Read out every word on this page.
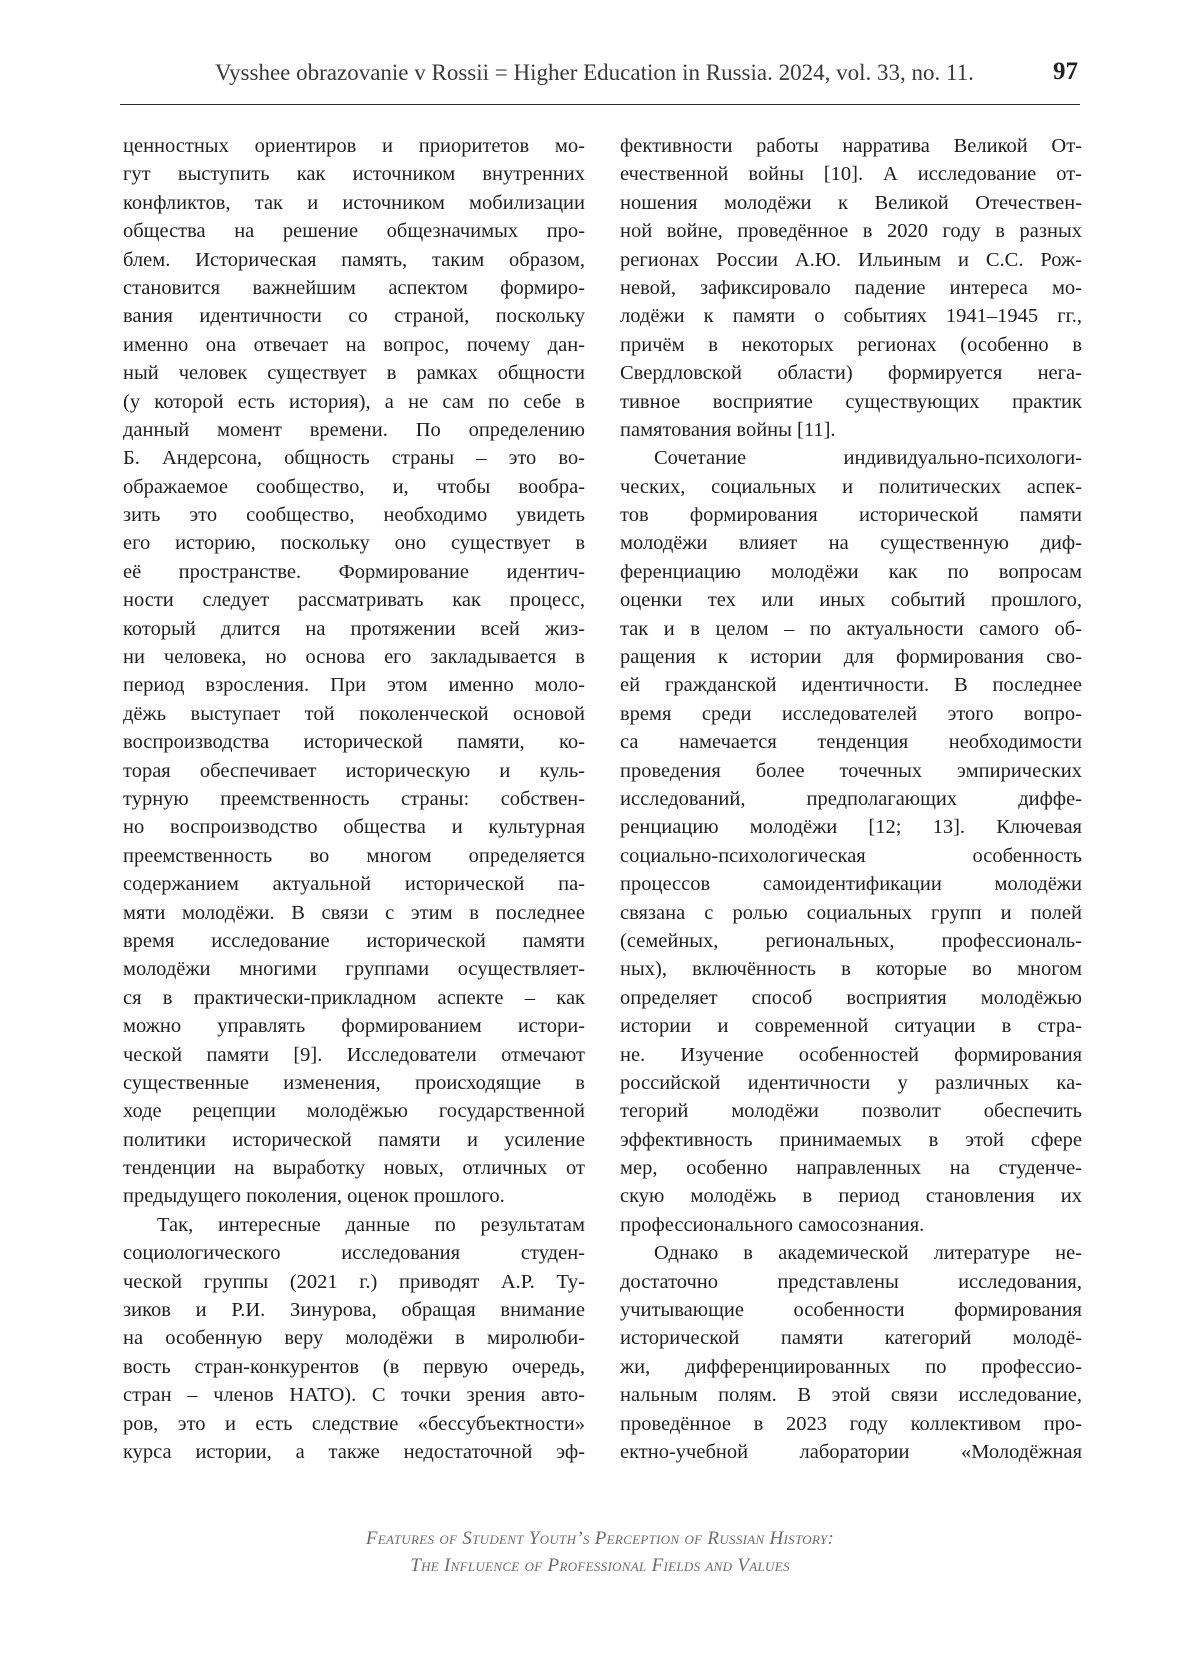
Vysshee obrazovanie v Rossii = Higher Education in Russia. 2024, vol. 33, no. 11.	97
ценностных ориентиров и приоритетов мо-
гут выступить как источником внутренних
конфликтов, так и источником мобилизации
общества на решение общезначимых про-
блем. Историческая память, таким образом,
становится важнейшим аспектом формиро-
вания идентичности со страной, поскольку
именно она отвечает на вопрос, почему дан-
ный человек существует в рамках общности
(у которой есть история), а не сам по себе в
данный момент времени. По определению
Б. Андерсона, общность страны – это во-
ображаемое сообщество, и, чтобы вообра-
зить это сообщество, необходимо увидеть
его историю, поскольку оно существует в
её пространстве. Формирование идентич-
ности следует рассматривать как процесс,
который длится на протяжении всей жиз-
ни человека, но основа его закладывается в
период взросления. При этом именно моло-
дёжь выступает той поколенческой основой
воспроизводства исторической памяти, ко-
торая обеспечивает историческую и куль-
турную преемственность страны: собствен-
но воспроизводство общества и культурная
преемственность во многом определяется
содержанием актуальной исторической па-
мяти молодёжи. В связи с этим в последнее
время исследование исторической памяти
молодёжи многими группами осуществляет-
ся в практически-прикладном аспекте – как
можно управлять формированием истори-
ческой памяти [9]. Исследователи отмечают
существенные изменения, происходящие в
ходе рецепции молодёжью государственной
политики исторической памяти и усиление
тенденции на выработку новых, отличных от
предыдущего поколения, оценок прошлого.
Так, интересные данные по результатам
социологического исследования студен-
ческой группы (2021 г.) приводят А.Р. Ту-
зиков и Р.И. Зинурова, обращая внимание
на особенную веру молодёжи в миролюби-
вость стран-конкурентов (в первую очередь,
стран – членов НАТО). С точки зрения авто-
ров, это и есть следствие «бессубъектности»
курса истории, а также недостаточной эф-
фективности работы нарратива Великой От-
ечественной войны [10]. А исследование от-
ношения молодёжи к Великой Отечествен-
ной войне, проведённое в 2020 году в разных
регионах России А.Ю. Ильиным и С.С. Рож-
невой, зафиксировало падение интереса мо-
лодёжи к памяти о событиях 1941–1945 гг.,
причём в некоторых регионах (особенно в
Свердловской области) формируется нега-
тивное восприятие существующих практик
памятования войны [11].
Сочетание индивидуально-психологи-
ческих, социальных и политических аспек-
тов формирования исторической памяти
молодёжи влияет на существенную диф-
ференциацию молодёжи как по вопросам
оценки тех или иных событий прошлого,
так и в целом – по актуальности самого об-
ращения к истории для формирования сво-
ей гражданской идентичности. В последнее
время среди исследователей этого вопро-
са намечается тенденция необходимости
проведения более точечных эмпирических
исследований, предполагающих диффе-
ренциацию молодёжи [12; 13]. Ключевая
социально-психологическая особенность
процессов самоидентификации молодёжи
связана с ролью социальных групп и полей
(семейных, региональных, профессиональ-
ных), включённость в которые во многом
определяет способ восприятия молодёжью
истории и современной ситуации в стра-
не. Изучение особенностей формирования
российской идентичности у различных ка-
тегорий молодёжи позволит обеспечить
эффективность принимаемых в этой сфере
мер, особенно направленных на студенче-
скую молодёжь в период становления их
профессионального самосознания.
Однако в академической литературе не-
достаточно представлены исследования,
учитывающие особенности формирования
исторической памяти категорий молодё-
жи, дифференциированных по профессио-
нальным полям. В этой связи исследование,
проведённое в 2023 году коллективом про-
ектно-учебной лаборатории «Молодёжная
Features of Student Youth’s Perception of Russian History:
The Influence of Professional Fields and Values
